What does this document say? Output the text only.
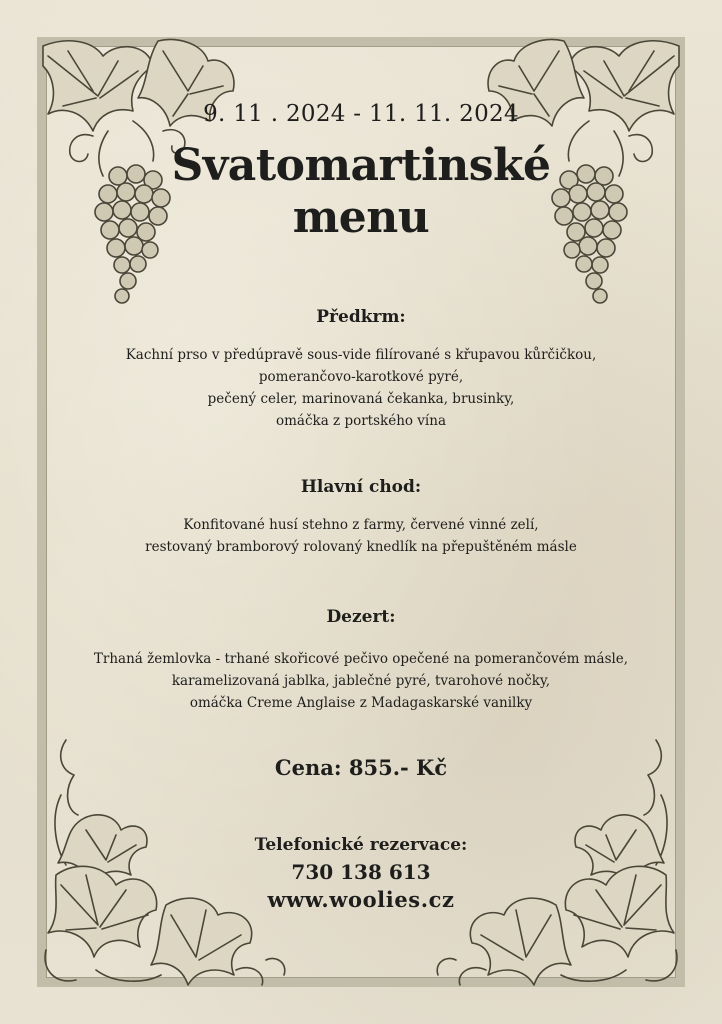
9. 11 . 2024 - 11. 11. 2024
Svatomartinské
menu
Předkrm:
Kachní prso v předúpravě sous-vide filírované s křupavou kůrčičkou,
pomerančovo-karotkové pyré,
pečený celer, marinovaná čekanka, brusinky,
omáčka z portského vína
Hlavní chod:
Konfitované husí stehno z farmy, červené vinné zelí,
restovaný bramborový rolovaný knedlík na přepuštěném másle
Dezert:
Trhaná žemlovka - trhané skořicové pečivo opečené na pomerančovém másle,
karamelizovaná jablka, jablečné pyré, tvarohové nočky,
omáčka Creme Anglaise z Madagaskarské vanilky
Cena: 855.- Kč
Telefonické rezervace:
730 138 613
www.woolies.cz
